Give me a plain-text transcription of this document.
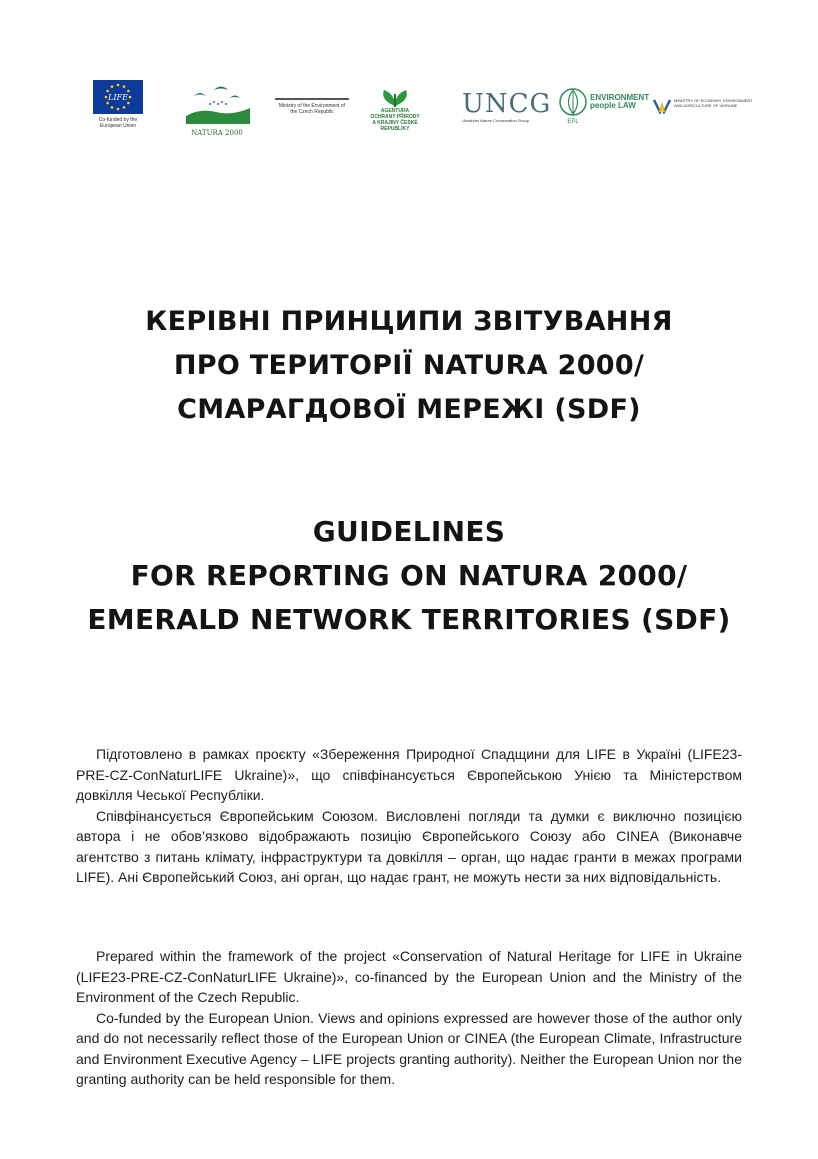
LIFE
Co-funded by the European Union
NATURA 2000
Ministry of the Environment of the Czech Republic	AGENTURA OCHRANY PŘÍRODY A KRAJINY ČESKÉ REPUBLIKY
UNCG
Ukrainian Nature Conservation Group	EPL
ENVIRONMENT people LAW
MINISTRY OF ECONOMY, ENVIRONMENT AND AGRICULTURE OF UKRAINE
КЕРІВНІ ПРИНЦИПИ ЗВІТУВАННЯ
ПРО ТЕРИТОРІЇ NATURA 2000/
СМАРАГДОВОЇ МЕРЕЖІ (SDF)
GUIDELINES
FOR REPORTING ON NATURA 2000/
EMERALD NETWORK TERRITORIES (SDF)

Підготовлено в рамках проєкту «Збереження Природної Спадщини для LIFE в Україні (LIFE23-PRE-CZ-ConNaturLIFE Ukraine)», що співфінансується Європейською Унією та Міністерством довкілля Чеської Республіки.

Співфінансується Європейським Союзом. Висловлені погляди та думки є виключно позицією автора і не обов’язково відображають позицію Європейського Союзу або CINEA (Виконавче агентство з питань клімату, інфраструктури та довкілля – орган, що надає гранти в межах програми LIFE). Ані Європейський Союз, ані орган, що надає грант, не можуть нести за них відповідальність.

Prepared within the framework of the project «Conservation of Natural Heritage for LIFE in Ukraine (LIFE23-PRE-CZ-ConNaturLIFE Ukraine)», co-financed by the European Union and the Ministry of the Environment of the Czech Republic.

Co-funded by the European Union. Views and opinions expressed are however those of the author only and do not necessarily reflect those of the European Union or CINEA (the European Climate, Infrastructure and Environment Executive Agency – LIFE projects granting authority). Neither the European Union nor the granting authority can be held responsible for them.
